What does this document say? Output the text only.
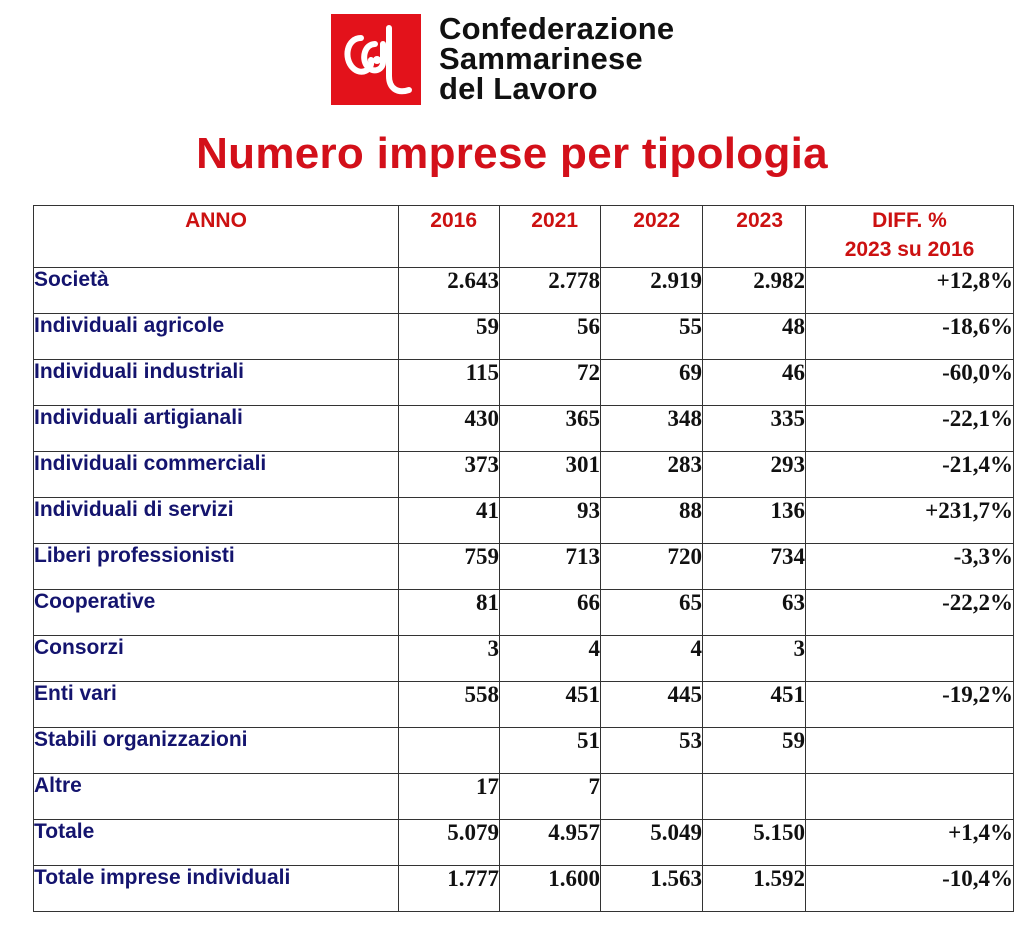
Confederazione
Sammarinese
del Lavoro
Numero imprese per tipologia
ANNO	2016	2021	2022	2023	DIFF. %
2023 su 2016

Società	2.643	2.778	2.919	2.982	+12,8%
Individuali agricole	59	56	55	48	-18,6%
Individuali industriali	115	72	69	46	-60,0%
Individuali artigianali	430	365	348	335	-22,1%
Individuali commerciali	373	301	283	293	-21,4%
Individuali di servizi	41	93	88	136	+231,7%
Liberi professionisti	759	713	720	734	-3,3%
Cooperative	81	66	65	63	-22,2%
Consorzi	3	4	4	3	
Enti vari	558	451	445	451	-19,2%
Stabili organizzazioni		51	53	59	
Altre	17	7			
Totale	5.079	4.957	5.049	5.150	+1,4%
Totale imprese individuali	1.777	1.600	1.563	1.592	-10,4%
